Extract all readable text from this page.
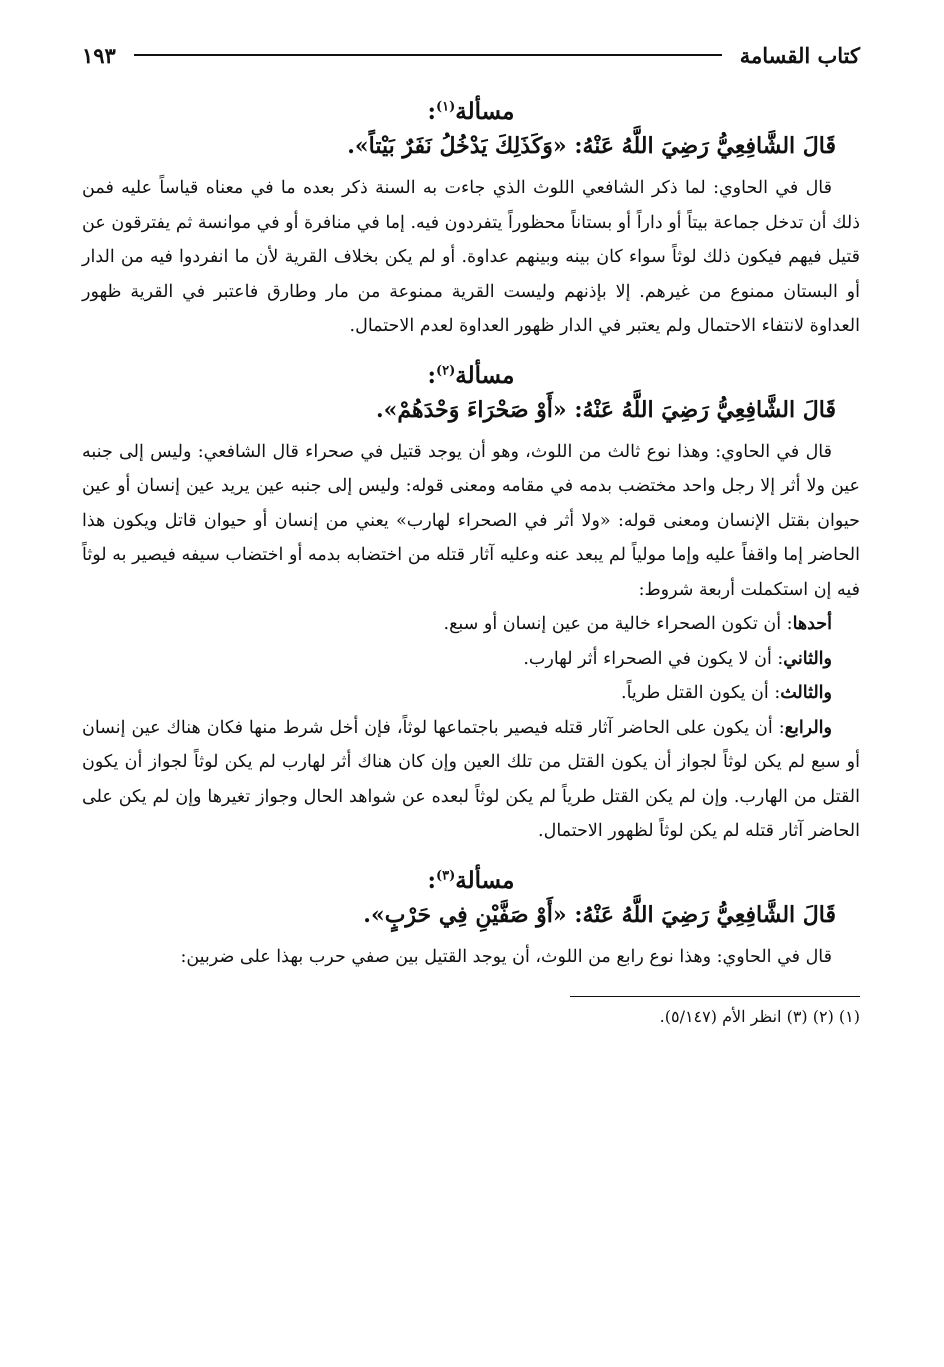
كتاب القسامة
١٩٣
مسألة$^{(١)}$:

قَالَ الشَّافِعِيُّ رَضِيَ اللَّهُ عَنْهُ: «وَكَذَلِكَ يَدْخُلُ نَفَرٌ بَيْتاً».

قال في الحاوي: لما ذكر الشافعي اللوث الذي جاءت به السنة ذكر بعده ما في معناه قياساً عليه فمن ذلك أن تدخل جماعة بيتاً أو داراً أو بستاناً محظوراً يتفردون فيه. إما في منافرة أو في موانسة ثم يفترقون عن قتيل فيهم فيكون ذلك لوثاً سواء كان بينه وبينهم عداوة. أو لم يكن بخلاف القرية لأن ما انفردوا فيه من الدار أو البستان ممنوع من غيرهم. إلا بإذنهم وليست القرية ممنوعة من مار وطارق فاعتبر في القرية ظهور العداوة لانتفاء الاحتمال ولم يعتبر في الدار ظهور العداوة لعدم الاحتمال.

مسألة$^{(٢)}$:

قَالَ الشَّافِعِيُّ رَضِيَ اللَّهُ عَنْهُ: «أَوْ صَحْرَاءَ وَحْدَهُمْ».

قال في الحاوي: وهذا نوع ثالث من اللوث، وهو أن يوجد قتيل في صحراء قال الشافعي: وليس إلى جنبه عين ولا أثر إلا رجل واحد مختضب بدمه في مقامه ومعنى قوله: وليس إلى جنبه عين يريد عين إنسان أو عين حيوان بقتل الإنسان ومعنى قوله: «ولا أثر في الصحراء لهارب» يعني من إنسان أو حيوان قاتل ويكون هذا الحاضر إما واقفاً عليه وإما مولياً لم يبعد عنه وعليه آثار قتله من اختضابه بدمه أو اختضاب سيفه فيصير به لوثاً فيه إن استكملت أربعة شروط:

أحدها: أن تكون الصحراء خالية من عين إنسان أو سبع.

والثاني: أن لا يكون في الصحراء أثر لهارب.

والثالث: أن يكون القتل طرياً.

والرابع: أن يكون على الحاضر آثار قتله فيصير باجتماعها لوثاً، فإن أخل شرط منها فكان هناك عين إنسان أو سبع لم يكن لوثاً لجواز أن يكون القتل من تلك العين وإن كان هناك أثر لهارب لم يكن لوثاً لجواز أن يكون القتل من الهارب. وإن لم يكن القتل طرياً لم يكن لوثاً لبعده عن شواهد الحال وجواز تغيرها وإن لم يكن على الحاضر آثار قتله لم يكن لوثاً لظهور الاحتمال.

مسألة$^{(٣)}$:

قَالَ الشَّافِعِيُّ رَضِيَ اللَّهُ عَنْهُ: «أَوْ صَفَّيْنِ فِي حَرْبٍ».

قال في الحاوي: وهذا نوع رابع من اللوث، أن يوجد القتيل بين صفي حرب بهذا على ضربين:

(١) (٢) (٣) انظر الأم (٥/١٤٧).
